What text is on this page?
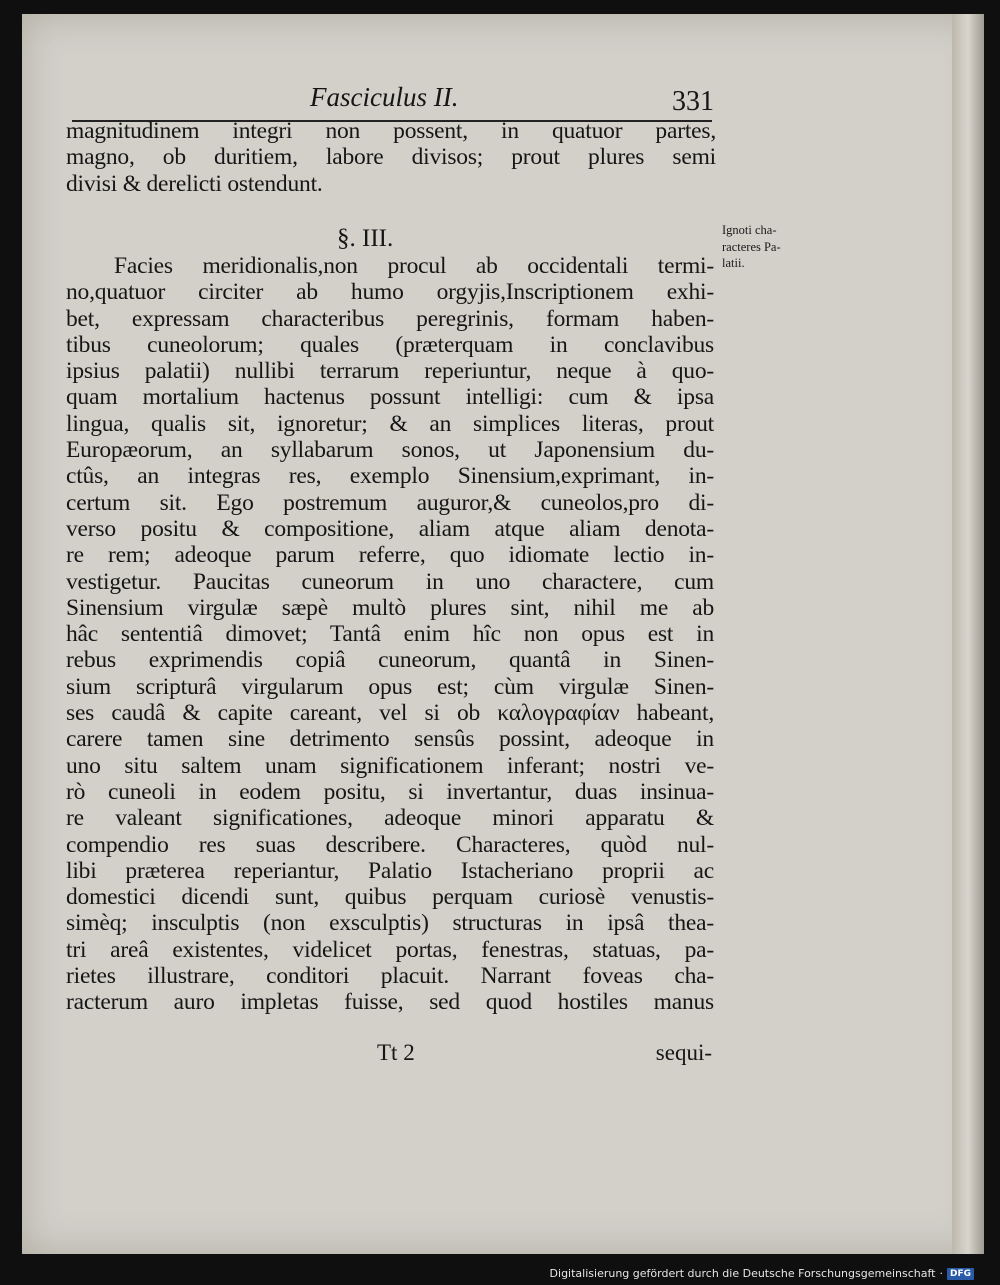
Fasciculus II.	331
magnitudinem integri non possent, in quatuor partes,
magno, ob duritiem, labore divisos; prout plures semi
divisi & derelicti ostendunt.
§. III.	Ignoti cha-
racteres Pa-
latii.
Facies meridionalis,non procul ab occidentali termi-
no,quatuor circiter ab humo orgyjis,Inscriptionem exhi-
bet, expressam characteribus peregrinis, formam haben-
tibus cuneolorum; quales (præterquam in conclavibus
ipsius palatii) nullibi terrarum reperiuntur, neque à quo-
quam mortalium hactenus possunt intelligi: cum & ipsa
lingua, qualis sit, ignoretur; & an simplices literas, prout
Europæorum, an syllabarum sonos, ut Japonensium du-
ctûs, an integras res, exemplo Sinensium,exprimant, in-
certum sit. Ego postremum auguror,& cuneolos,pro di-
verso positu & compositione, aliam atque aliam denota-
re rem; adeoque parum referre, quo idiomate lectio in-
vestigetur. Paucitas cuneorum in uno charactere, cum
Sinensium virgulæ sæpè multò plures sint, nihil me ab
hâc sententiâ dimovet; Tantâ enim hîc non opus est in
rebus exprimendis copiâ cuneorum, quantâ in Sinen-
sium scripturâ virgularum opus est; cùm virgulæ Sinen-
ses caudâ & capite careant, vel si ob καλογραφίαν habeant,
carere tamen sine detrimento sensûs possint, adeoque in
uno situ saltem unam significationem inferant; nostri ve-
rò cuneoli in eodem positu, si invertantur, duas insinua-
re valeant significationes, adeoque minori apparatu &
compendio res suas describere. Characteres, quòd nul-
libi præterea reperiantur, Palatio Istacheriano proprii ac
domestici dicendi sunt, quibus perquam curiosè venustis-
simèq; insculptis (non exsculptis) structuras in ipsâ thea-
tri areâ existentes, videlicet portas, fenestras, statuas, pa-
rietes illustrare, conditori placuit. Narrant foveas cha-
racterum auro impletas fuisse, sed quod hostiles manus
Tt 2	sequi-
Digitalisierung gefördert durch die Deutsche Forschungsgemeinschaft · DFG
